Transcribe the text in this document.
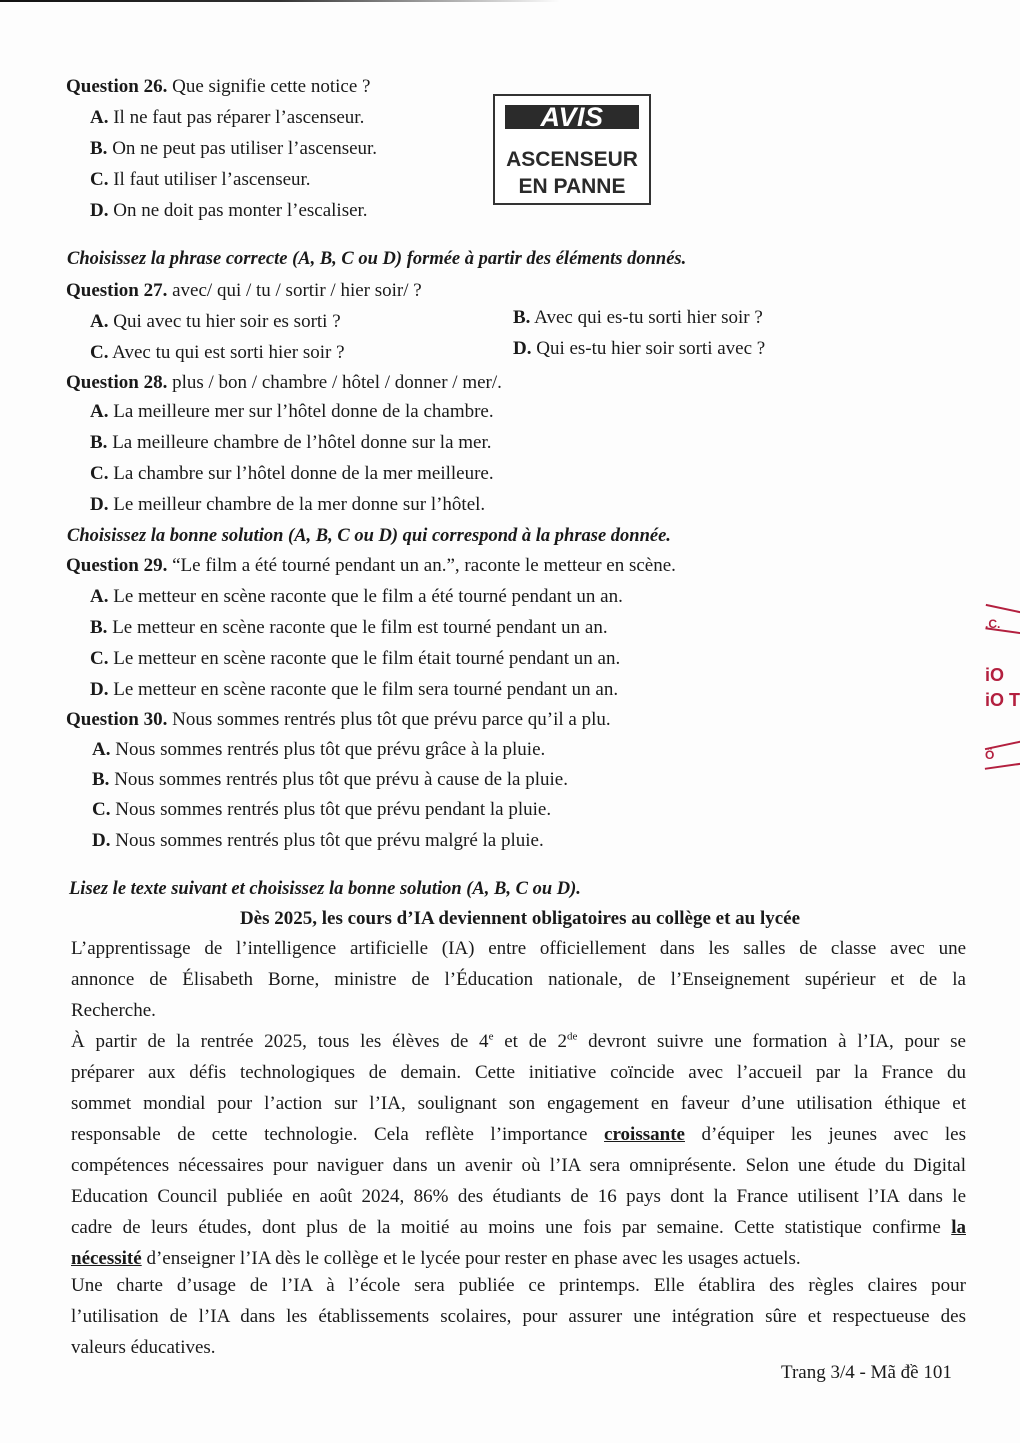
Question 26. Que signifie cette notice ?
A. Il ne faut pas réparer l’ascenseur.
B. On ne peut pas utiliser l’ascenseur.
C. Il faut utiliser l’ascenseur.
D. On ne doit pas monter l’escaliser.
AVIS
ASCENSEUR
EN PANNE
Choisissez la phrase correcte (A, B, C ou D) formée à partir des éléments donnés.
Question 27. avec/ qui / tu / sortir / hier soir/ ?
A. Qui avec tu hier soir es sorti ?	B. Avec qui es-tu sorti hier soir ?
C. Avec tu qui est sorti hier soir ?	D. Qui es-tu hier soir sorti avec ?
Question 28. plus / bon / chambre / hôtel / donner / mer/.
A. La meilleure mer sur l’hôtel donne de la chambre.
B. La meilleure chambre de l’hôtel donne sur la mer.
C. La chambre sur l’hôtel donne de la mer meilleure.
D. Le meilleur chambre de la mer donne sur l’hôtel.
Choisissez la bonne solution (A, B, C ou D) qui correspond à la phrase donnée.
Question 29. “Le film a été tourné pendant un an.”, raconte le metteur en scène.
A. Le metteur en scène raconte que le film a été tourné pendant un an.
B. Le metteur en scène raconte que le film est tourné pendant un an.
C. Le metteur en scène raconte que le film était tourné pendant un an.
D. Le metteur en scène raconte que le film sera tourné pendant un an.
Question 30. Nous sommes rentrés plus tôt que prévu parce qu’il a plu.
A. Nous sommes rentrés plus tôt que prévu grâce à la pluie.
B. Nous sommes rentrés plus tôt que prévu à cause de la pluie.
C. Nous sommes rentrés plus tôt que prévu pendant la pluie.
D. Nous sommes rentrés plus tôt que prévu malgré la pluie.
Lisez le texte suivant et choisissez la bonne solution (A, B, C ou D).
Dès 2025, les cours d’IA deviennent obligatoires au collège et au lycée
L’apprentissage de l’intelligence artificielle (IA) entre officiellement dans les salles de classe avec une
annonce de Élisabeth Borne, ministre de l’Éducation nationale, de l’Enseignement supérieur et de la
Recherche.
À partir de la rentrée 2025, tous les élèves de 4e et de 2de devront suivre une formation à l’IA, pour se
préparer aux défis technologiques de demain. Cette initiative coïncide avec l’accueil par la France du
sommet mondial pour l’action sur l’IA, soulignant son engagement en faveur d’une utilisation éthique et
responsable de cette technologie. Cela reflète l’importance croissante d’équiper les jeunes avec les
compétences nécessaires pour naviguer dans un avenir où l’IA sera omniprésente. Selon une étude du Digital
Education Council publiée en août 2024, 86% des étudiants de 16 pays dont la France utilisent l’IA dans le
cadre de leurs études, dont plus de la moitié au moins une fois par semaine. Cette statistique confirme la
nécessité d’enseigner l’IA dès le collège et le lycée pour rester en phase avec les usages actuels.
Une charte d’usage de l’IA à l’école sera publiée ce printemps. Elle établira des règles claires pour
l’utilisation de l’IA dans les établissements scolaires, pour assurer une intégration sûre et respectueuse des
valeurs éducatives.
Trang 3/4 - Mã đề 101
.C.
iO
iO T
Ö
